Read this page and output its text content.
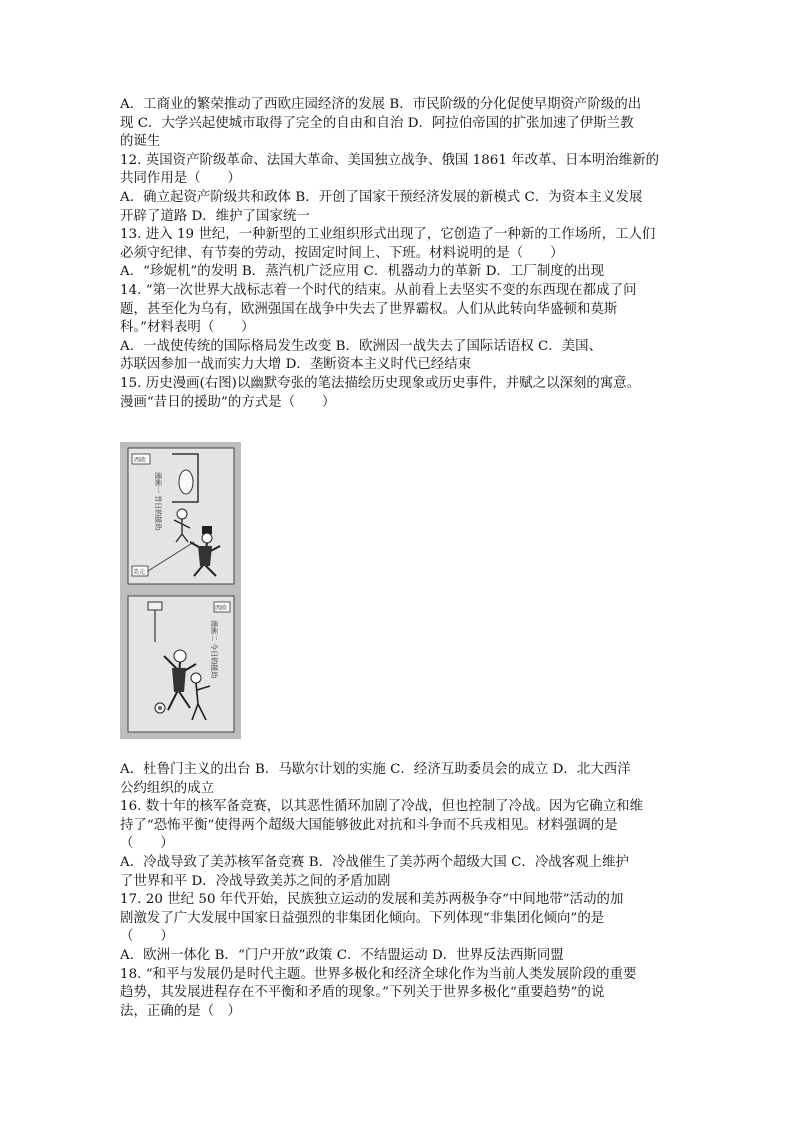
A．工商业的繁荣推动了西欧庄园经济的发展 B．市民阶级的分化促使早期资产阶级的出
现 C．大学兴起使城市取得了完全的自由和自治 D．阿拉伯帝国的扩张加速了伊斯兰教
的诞生
12. 英国资产阶级革命、法国大革命、美国独立战争、俄国 1861 年改革、日本明治维新的
共同作用是（　　）
A．确立起资产阶级共和政体 B．开创了国家干预经济发展的新模式 C．为资本主义发展
开辟了道路 D．维护了国家统一
13. 进入 19 世纪，一种新型的工业组织形式出现了，它创造了一种新的工作场所，工人们
必须守纪律、有节奏的劳动，按固定时间上、下班。材料说明的是（　　）
A．“珍妮机”的发明 B．蒸汽机广泛应用 C．机器动力的革新 D．工厂制度的出现
14. “第一次世界大战标志着一个时代的结束。从前看上去坚实不变的东西现在都成了问
题，甚至化为乌有，欧洲强国在战争中失去了世界霸权。人们从此转向华盛顿和莫斯
科。”材料表明（　　）
A．一战使传统的国际格局发生改变 B．欧洲因一战失去了国际话语权 C．美国、
苏联因参加一战而实力大增 D．垄断资本主义时代已经结束
15. 历史漫画(右图)以幽默夸张的笔法描绘历史现象或历史事件，并赋之以深刻的寓意。
漫画“昔日的援助”的方式是（　　）
漫画一 昔日的援助
西欧
美元
西欧
漫画二 今日的援助
A．杜鲁门主义的出台 B．马歇尔计划的实施 C．经济互助委员会的成立 D．北大西洋
公约组织的成立
16. 数十年的核军备竞赛，以其恶性循环加剧了冷战，但也控制了冷战。因为它确立和维
持了“恐怖平衡”使得两个超级大国能够彼此对抗和斗争而不兵戎相见。材料强调的是
（　　）
A．冷战导致了美苏核军备竞赛 B．冷战催生了美苏两个超级大国 C．冷战客观上维护
了世界和平 D．冷战导致美苏之间的矛盾加剧
17. 20 世纪 50 年代开始，民族独立运动的发展和美苏两极争夺“中间地带”活动的加
剧激发了广大发展中国家日益强烈的非集团化倾向。下列体现“非集团化倾向”的是
（　　）
A．欧洲一体化 B．“门户开放”政策 C．不结盟运动 D．世界反法西斯同盟
18. “和平与发展仍是时代主题。世界多极化和经济全球化作为当前人类发展阶段的重要
趋势，其发展进程存在不平衡和矛盾的现象。”下列关于世界多极化“重要趋势”的说
法，正确的是（　）
